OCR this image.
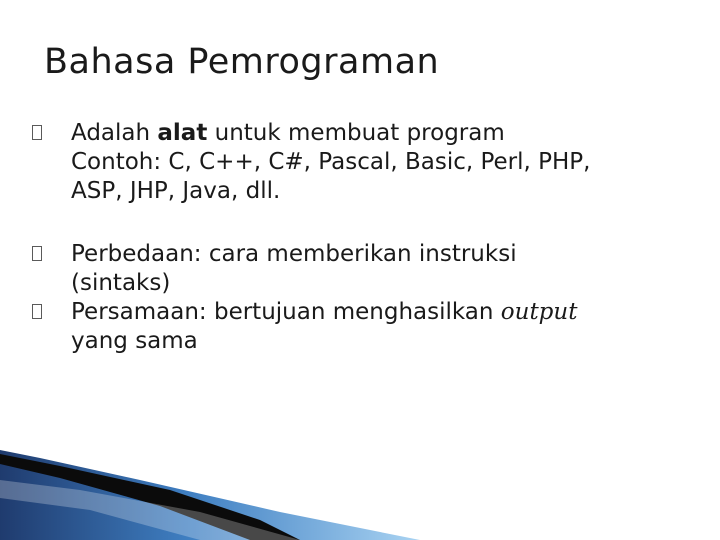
Bahasa Pemrograman
Adalah alat untuk membuat program
Contoh: C, C++, C#, Pascal, Basic, Perl, PHP,
ASP, JHP, Java, dll.
Perbedaan: cara memberikan instruksi
(sintaks)
Persamaan: bertujuan menghasilkan output
yang sama
